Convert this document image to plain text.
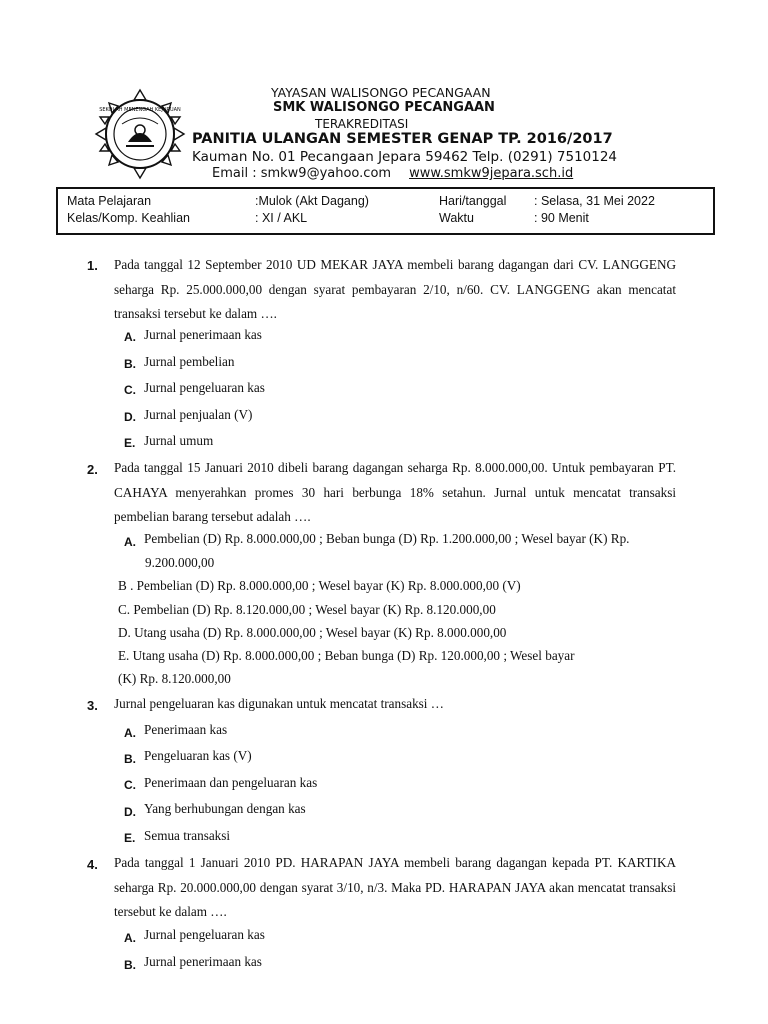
SEKOLAH MENENGAH KEJURUAN
YAYASAN WALISONGO PECANGAAN
SMK WALISONGO PECANGAAN
TERAKREDITASI
PANITIA ULANGAN SEMESTER GENAP TP. 2016/2017
Kauman No. 01 Pecangaan Jepara 59462 Telp. (0291) 7510124
Email : smkw9@yahoo.com www.smkw9jepara.sch.id
Mata Pelajaran	:Mulok (Akt Dagang)	Hari/tanggal : Selasa, 31 Mei 2022
Kelas/Komp. Keahlian	: XI / AKL	Waktu	: 90 Menit
1. Pada tanggal 12 September 2010 UD MEKAR JAYA membeli barang dagangan dari CV. LANGGENG seharga Rp. 25.000.000,00 dengan syarat pembayaran 2/10, n/60. CV. LANGGENG akan mencatat transaksi tersebut ke dalam ….
A. Jurnal penerimaan kas
B. Jurnal pembelian
C. Jurnal pengeluaran kas
D. Jurnal penjualan (V)
E. Jurnal umum
2. Pada tanggal 15 Januari 2010 dibeli barang dagangan seharga Rp. 8.000.000,00. Untuk pembayaran PT. CAHAYA menyerahkan promes 30 hari berbunga 18% setahun. Jurnal untuk mencatat transaksi pembelian barang tersebut adalah ….
A. Pembelian (D) Rp. 8.000.000,00 ; Beban bunga (D) Rp. 1.200.000,00 ; Wesel bayar (K) Rp.
9.200.000,00
B . Pembelian (D) Rp. 8.000.000,00 ; Wesel bayar (K) Rp. 8.000.000,00 (V)
C. Pembelian (D) Rp. 8.120.000,00 ; Wesel bayar (K) Rp. 8.120.000,00
D. Utang usaha (D) Rp. 8.000.000,00 ; Wesel bayar (K) Rp. 8.000.000,00
E. Utang usaha (D) Rp. 8.000.000,00 ; Beban bunga (D) Rp. 120.000,00 ; Wesel bayar
(K) Rp. 8.120.000,00
3. Jurnal pengeluaran kas digunakan untuk mencatat transaksi …
A. Penerimaan kas
B. Pengeluaran kas (V)
C. Penerimaan dan pengeluaran kas
D. Yang berhubungan dengan kas
E. Semua transaksi
4. Pada tanggal 1 Januari 2010 PD. HARAPAN JAYA membeli barang dagangan kepada PT. KARTIKA seharga Rp. 20.000.000,00 dengan syarat 3/10, n/3. Maka PD. HARAPAN JAYA akan mencatat transaksi tersebut ke dalam ….
A. Jurnal pengeluaran kas
B. Jurnal penerimaan kas
